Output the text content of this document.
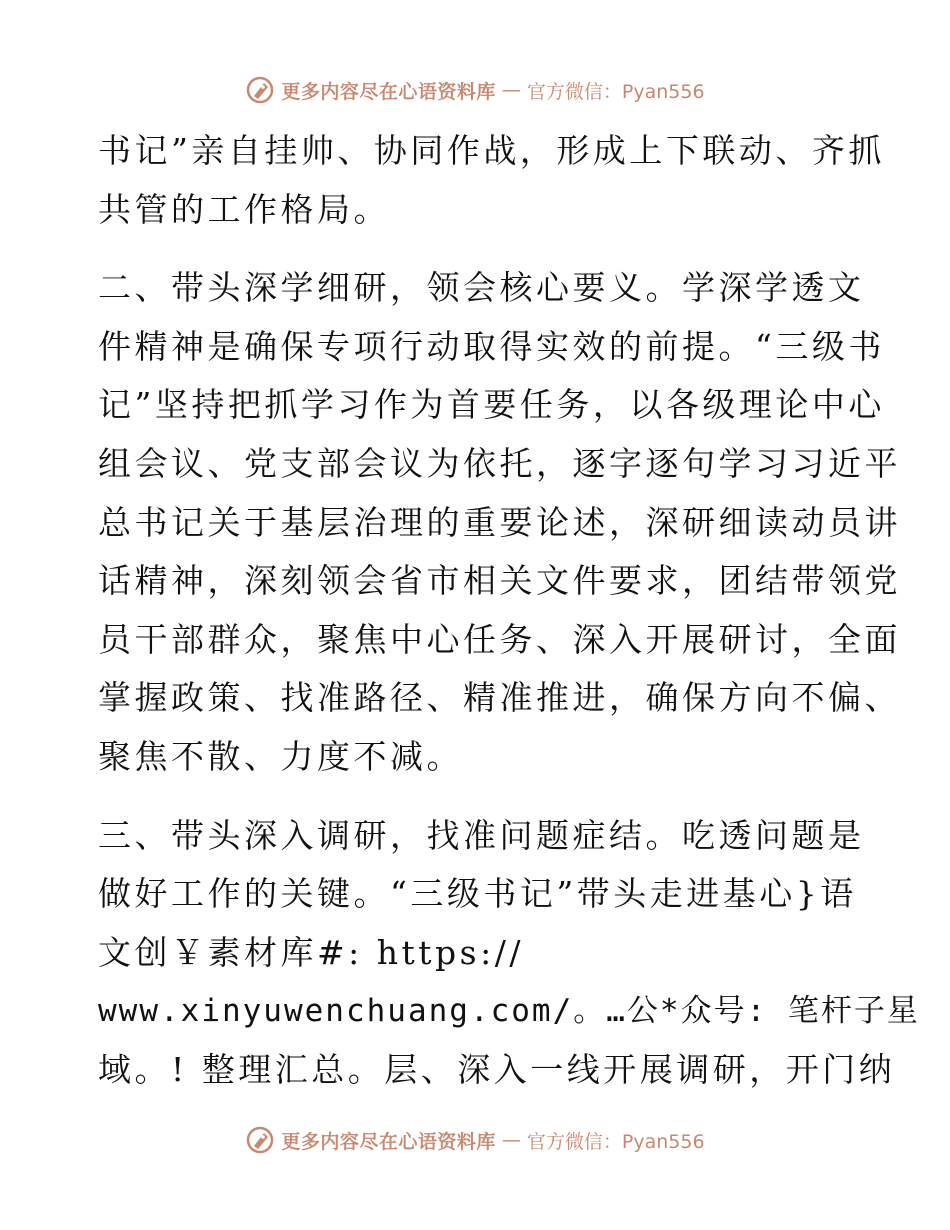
更多内容尽在心语资料库 — 官方微信：Pyan556

书记”亲自挂帅、协同作战，形成上下联动、齐抓

共管的工作格局。

二、带头深学细研，领会核心要义。学深学透文

件精神是确保专项行动取得实效的前提。“三级书

记”坚持把抓学习作为首要任务，以各级理论中心

组会议、党支部会议为依托，逐字逐句学习习近平

总书记关于基层治理的重要论述，深研细读动员讲

话精神，深刻领会省市相关文件要求，团结带领党

员干部群众，聚焦中心任务、深入开展研讨，全面

掌握政策、找准路径、精准推进，确保方向不偏、

聚焦不散、力度不减。

三、带头深入调研，找准问题症结。吃透问题是

做好工作的关键。“三级书记”带头走进基心}语

文创￥素材库#: https://

www.xinyuwenchuang.com/。…公*众号: 笔杆子星

域。! 整理汇总。层、深入一线开展调研，开门纳

更多内容尽在心语资料库 — 官方微信：Pyan556
